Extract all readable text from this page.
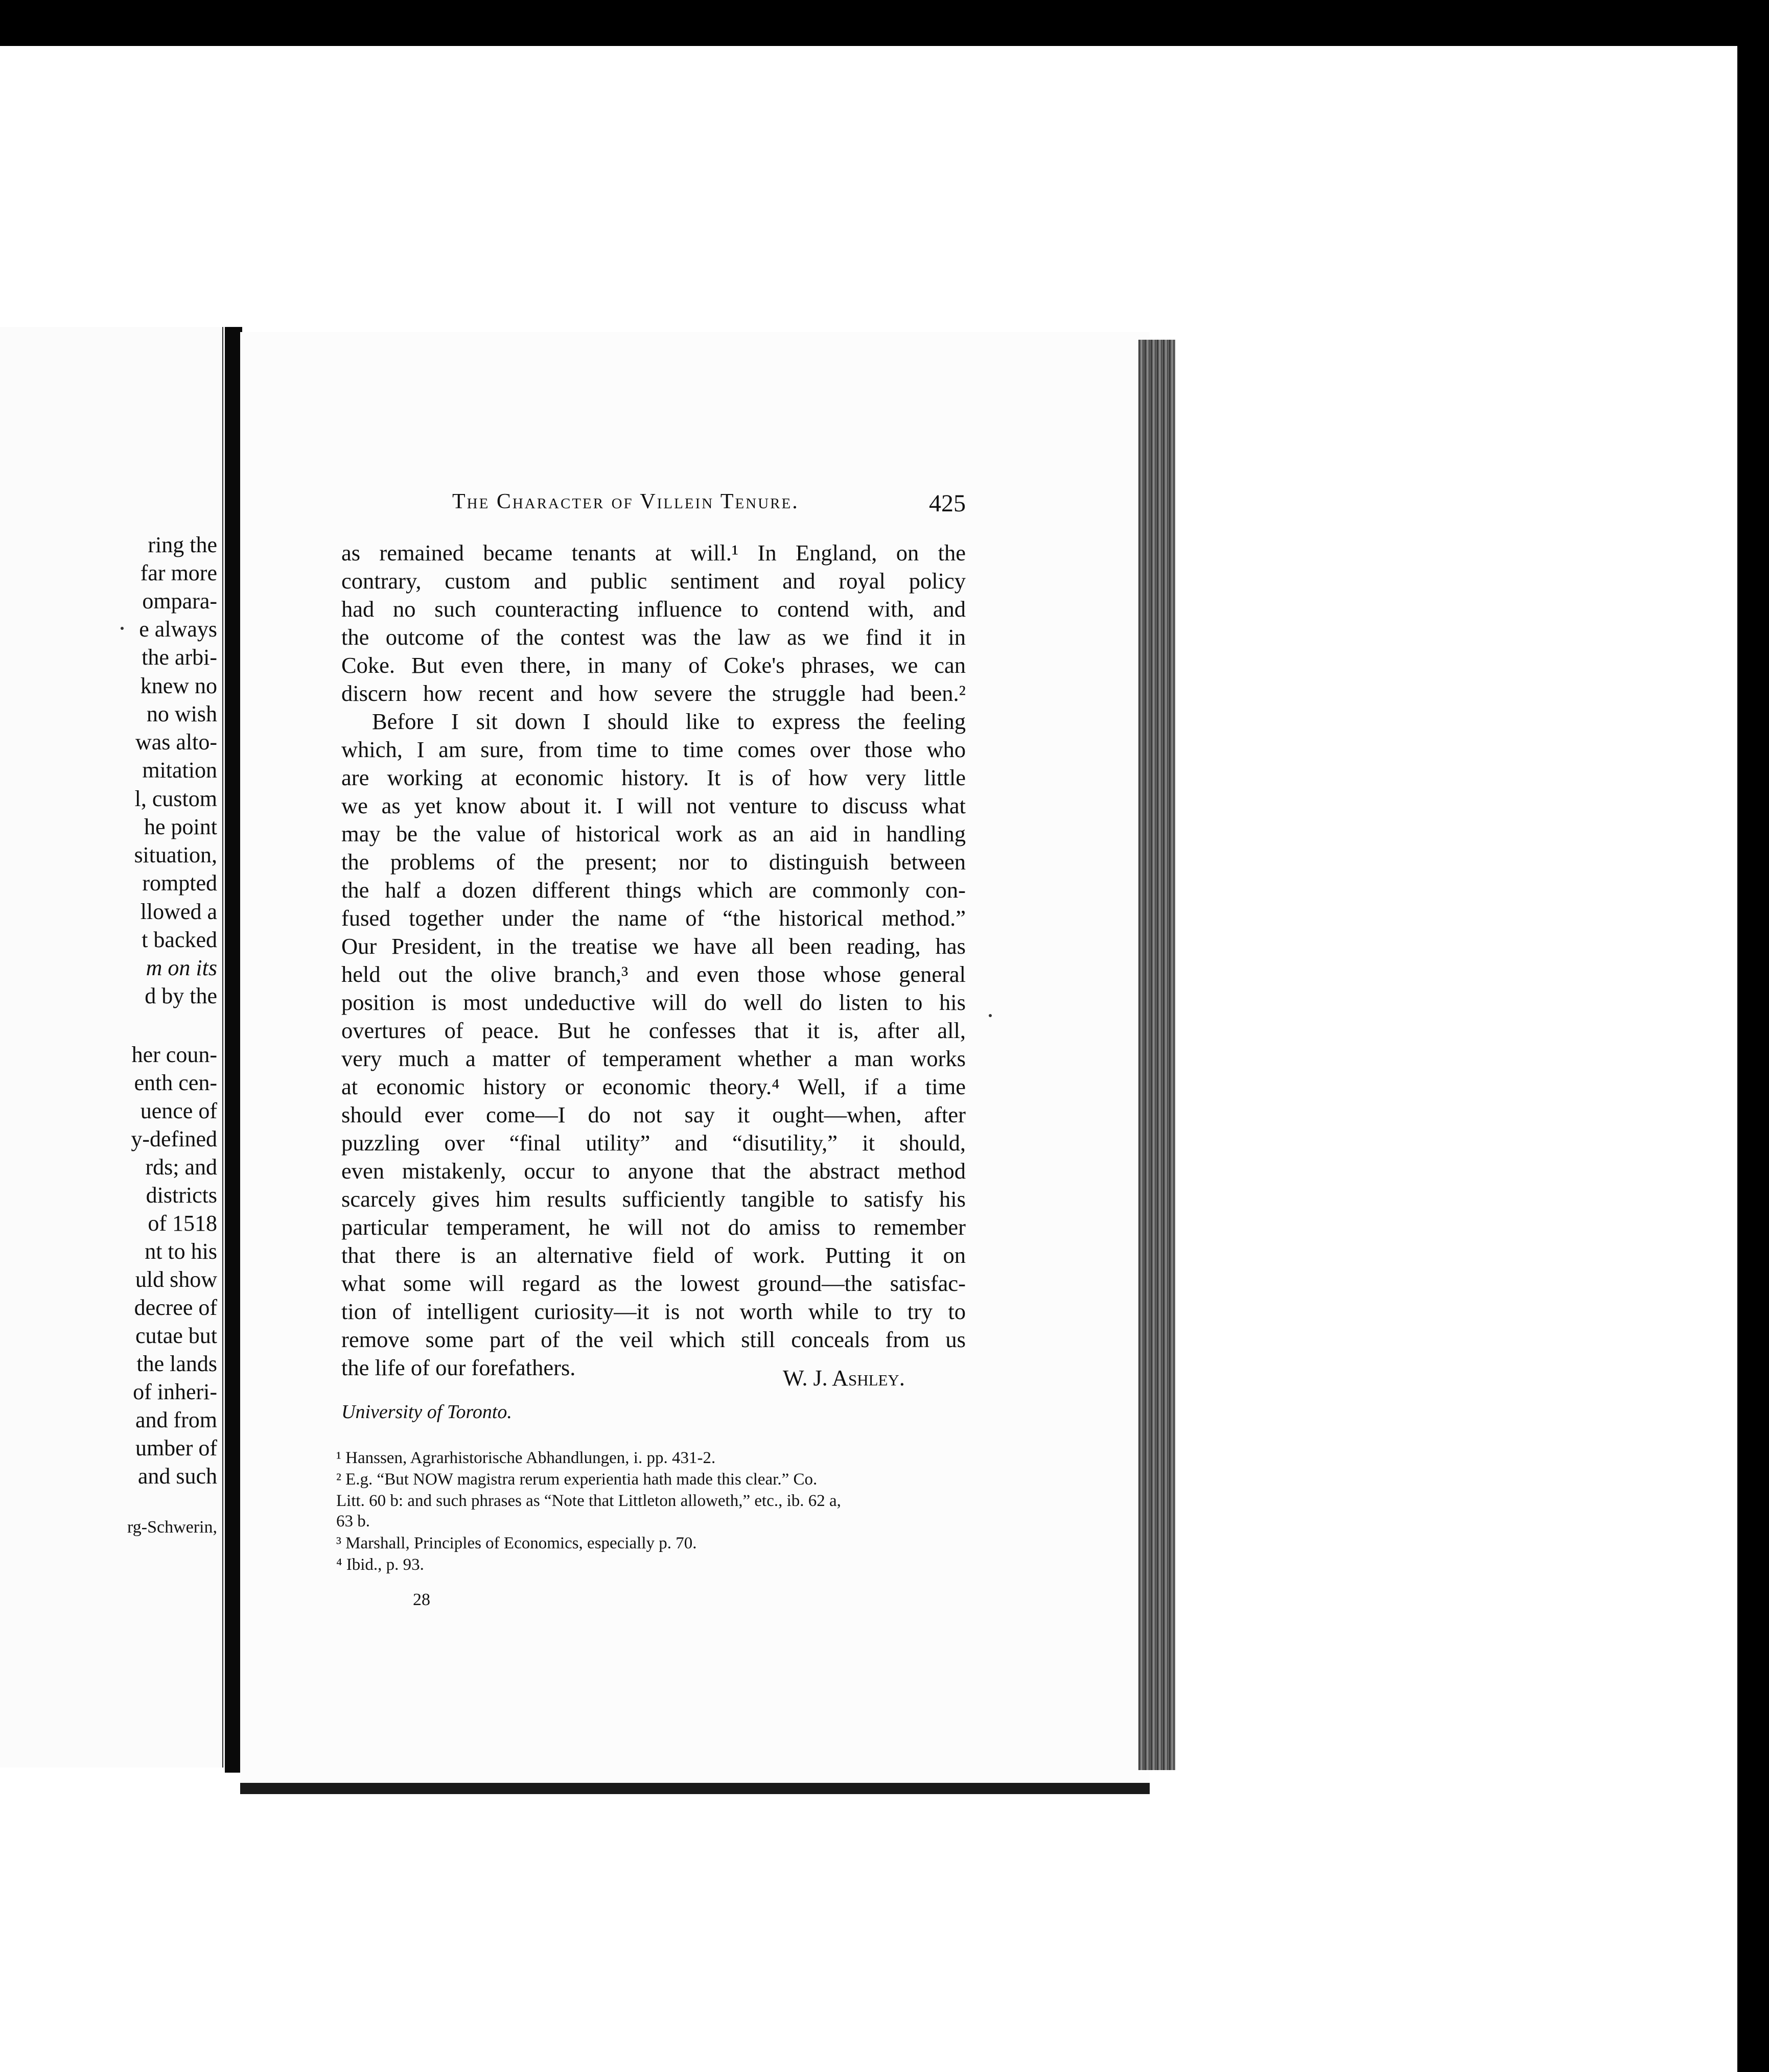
ring the
far more
ompara-
e always
the arbi-
knew no
no wish
was alto-
mitation
l, custom
he point
situation,
rompted
llowed a
t backed
m on its
d by the
her coun-
enth cen-
uence of
y-defined
rds; and
districts
of 1518
nt to his
uld show
decree of
cutae but
the lands
of inheri-
and from
umber of
and such
rg-Schwerin,
The Character of Villein Tenure.	425
as remained became tenants at will.¹ In England, on the
contrary, custom and public sentiment and royal policy
had no such counteracting influence to contend with, and
the outcome of the contest was the law as we find it in
Coke. But even there, in many of Coke's phrases, we can
discern how recent and how severe the struggle had been.²
Before I sit down I should like to express the feeling
which, I am sure, from time to time comes over those who
are working at economic history. It is of how very little
we as yet know about it. I will not venture to discuss what
may be the value of historical work as an aid in handling
the problems of the present; nor to distinguish between
the half a dozen different things which are commonly con-
fused together under the name of “the historical method.”
Our President, in the treatise we have all been reading, has
held out the olive branch,³ and even those whose general
position is most undeductive will do well do listen to his
overtures of peace. But he confesses that it is, after all,
very much a matter of temperament whether a man works
at economic history or economic theory.⁴ Well, if a time
should ever come—I do not say it ought—when, after
puzzling over “final utility” and “disutility,” it should,
even mistakenly, occur to anyone that the abstract method
scarcely gives him results sufficiently tangible to satisfy his
particular temperament, he will not do amiss to remember
that there is an alternative field of work. Putting it on
what some will regard as the lowest ground—the satisfac-
tion of intelligent curiosity—it is not worth while to try to
remove some part of the veil which still conceals from us
the life of our forefathers.	W. J. Ashley.
University of Toronto.
¹ Hanssen, Agrarhistorische Abhandlungen, i. pp. 431-2.
² E.g. “But NOW magistra rerum experientia hath made this clear.” Co.
Litt. 60 b: and such phrases as “Note that Littleton alloweth,” etc., ib. 62 a,
63 b.
³ Marshall, Principles of Economics, especially p. 70.
⁴ Ibid., p. 93.
28
